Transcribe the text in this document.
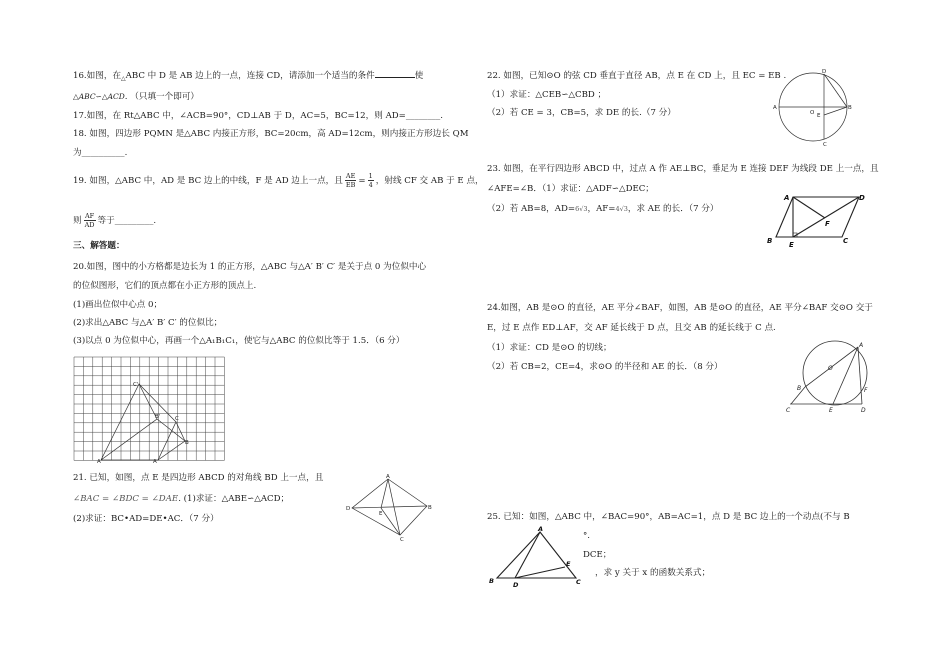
16.如图，在$_\triangle$ABC 中 D 是 AB 边上的一点，连接 CD，请添加一个适当的条件	使
△ABC∽△ACD. （只填一个即可）
17.如图，在 Rt△ABC 中，∠ACB=90°，CD⊥AB 于 D，AC=5，BC=12，则 AD=________.
18. 如图，四边形 PQMN 是△ABC 内接正方形，BC=20cm，高 AD=12cm，则内接正方形边长 QM
为__________.
19. 如图，△ABC 中，AD 是 BC 边上的中线，F 是 AD 边上一点，且 $\frac{AE}{EB} = \frac{1}{4}$ ，射线 CF 交 AB 于 E 点，
则 $\frac{AF}{AD}$ 等于_________.
三、解答题：
20.如图，图中的小方格都是边长为 1 的正方形，△ABC 与△A′ B′ C′ 是关于点 0 为位似中心
的位似图形，它们的顶点都在小正方形的顶点上.
(1)画出位似中心点 0；
(2)求出△ABC 与△A′ B′ C′ 的位似比；
(3)以点 0 为位似中心，再画一个△A₁B₁C₁，使它与△ABC 的位似比等于 1.5．（6 分）
C'
B'	C
B
A'	A
21. 已知，如图，点 E 是四边形 ABCD 的对角线 BD 上一点，且
∠BAC = ∠BDC = ∠DAE. (1)求证：△ABE∽△ACD；
(2)求证：BC•AD=DE•AC．（7 分）
A
B
C
D
E
22. 如图，已知⊙O 的弦 CD 垂直于直径 AB，点 E 在 CD 上，且 EC = EB .
（1）求证：△CEB∽△CBD ；
（2）若 CE = 3，CB=5，求 DE 的长.（7 分）	A	B
C
D
E
O
23. 如图，在平行四边形 ABCD 中，过点 A 作 AE⊥BC，垂足为 E 连接 DEF 为线段 DE 上一点，且
∠AFE=∠B．（1）求证：△ADF∽△DEC；
（2）若 AB=8，AD=6√3，AF=4√3，求 AE 的长．（7 分）
A
B	C
D
E
F
24.如图，AB 是⊙O 的直径，AE 平分∠BAF，如图，AB 是⊙O 的直径，AE 平分∠BAF 交⊙O 交于
E，过 E 点作 ED⊥AF，交 AF 延长线于 D 点，且交 AB 的延长线于 C 点.
（1）求证：CD 是⊙O 的切线；
（2）若 CB=2，CE=4，求⊙O 的半径和 AE 的长．（8 分）
A
B
C	D
E
F
O
25. 已知：如图，△ABC 中，∠BAC=90°，AB=AC=1，点 D 是 BC 边上的一个动点(不与 B
°.
DCE；
，求 y 关于 x 的函数关系式；
A
B	C
D
E
